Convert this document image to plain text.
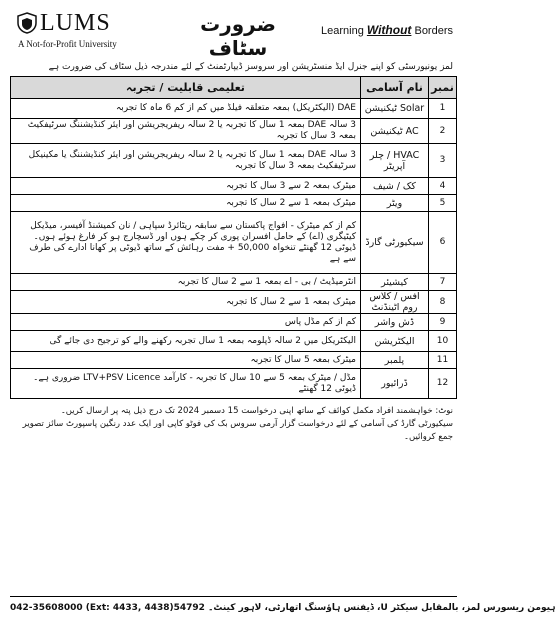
LUMS
A Not-for-Profit University
ضرورت سٹاف
Learning Without Borders
لمز یونیورسٹی کو اپنے جنرل ایڈ منسٹریشن اور سروسز ڈیپارٹمنٹ کے لئے مندرجہ ذیل سٹاف کی ضرورت ہے
نمبر	نام آسامی	تعلیمی قابلیت / تجربہ
1	Solar ٹیکنیشن	DAE (الیکٹریکل) بمعہ متعلقہ فیلڈ میں کم از کم 6 ماہ کا تجربہ
2	AC ٹیکنیشن	3 سالہ DAE بمعہ 1 سال کا تجربہ یا 2 سالہ ریفریجریشن اور ایئر کنڈیشننگ سرٹیفکیٹ بمعہ 3 سال کا تجربہ
3	HVAC / چلر آپریٹر	3 سالہ DAE بمعہ 1 سال کا تجربہ یا 2 سالہ ریفریجریشن اور ایئر کنڈیشننگ یا مکینیکل سرٹیفکیٹ بمعہ 3 سال کا تجربہ
4	کک / شیف	میٹرک بمعہ 2 سے 3 سال کا تجربہ
5	ویٹر	میٹرک بمعہ 1 سے 2 سال کا تجربہ
6	سیکیورٹی گارڈ	کم از کم میٹرک - افواج پاکستان سے سابقہ ریٹائرڈ سپاہی / نان کمیشنڈ آفیسر، میڈیکل کیٹیگری (اے) کے حامل افسران پوری کر چکے ہوں اور ڈسچارج ہو کر فارغ ہوئے ہوں۔ ڈیوٹی 12 گھنٹے تنخواہ 50,000 + مفت رہائش کے ساتھ ڈیوٹی پر کھانا ادارے کی طرف سے ہے
7	کیشیئر	انٹرمیڈیٹ / بی - اے بمعہ 1 سے 2 سال کا تجربہ
8	آفس / کلاس روم اٹینڈنٹ	میٹرک بمعہ 1 سے 2 سال کا تجربہ
9	ڈش واشر	کم از کم مڈل پاس
10	الیکٹریشن	الیکٹریکل میں 2 سالہ ڈپلومہ بمعہ 1 سال تجربہ رکھنے والے کو ترجیح دی جائے گی
11	پلمبر	میٹرک بمعہ 5 سال کا تجربہ
12	ڈرائیور	مڈل / میٹرک بمعہ 5 سے 10 سال کا تجربہ - کارآمد LTV+PSV Licence ضروری ہے۔ ڈیوٹی 12 گھنٹے
نوٹ: خواہشمند افراد مکمل کوائف کے ساتھ اپنی درخواست 15 دسمبر 2024 تک درج ذیل پتہ پر ارسال کریں۔
سیکیورٹی گارڈ کی آسامی کے لئے درخواست گزار آرمی سروس بک کی فوٹو کاپی اور ایک عدد رنگین پاسپورٹ سائز تصویر جمع کروائیں۔
042-35608000 (Ext: 4433, 4438) ہیومن ریسورس لمز، بالمقابل سیکٹر U، ڈیفنس ہاؤسنگ اتھارٹی، لاہور کینٹ۔ 54792
